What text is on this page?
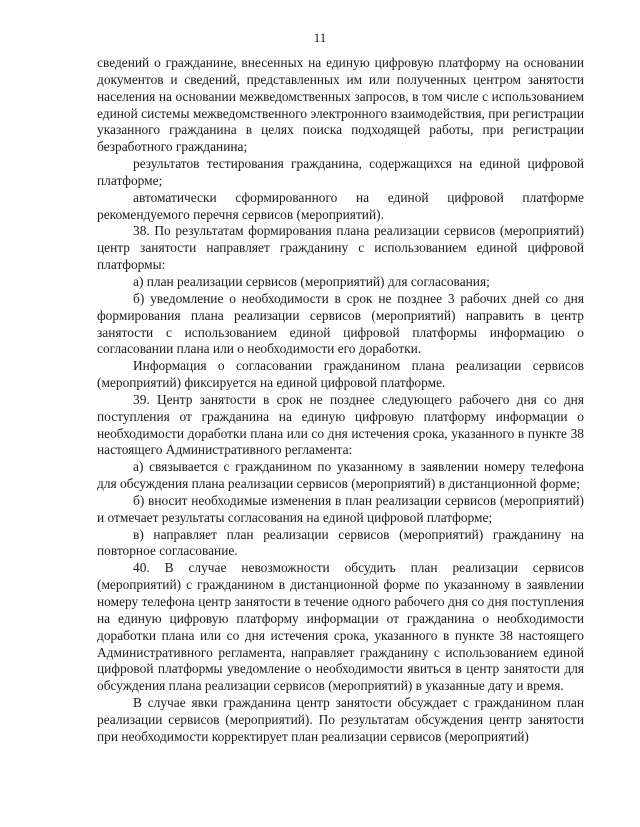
11

сведений о гражданине, внесенных на единую цифровую платформу на основании документов и сведений, представленных им или полученных центром занятости населения на основании межведомственных запросов, в том числе с использованием единой системы межведомственного электронного взаимодействия, при регистрации указанного гражданина в целях поиска подходящей работы, при регистрации безработного гражданина;

результатов тестирования гражданина, содержащихся на единой цифровой платформе;

автоматически сформированного на единой цифровой платформе рекомендуемого перечня сервисов (мероприятий).

38. По результатам формирования плана реализации сервисов (мероприятий) центр занятости направляет гражданину с использованием единой цифровой платформы:

а) план реализации сервисов (мероприятий) для согласования;

б) уведомление о необходимости в срок не позднее 3 рабочих дней со дня формирования плана реализации сервисов (мероприятий) направить в центр занятости с использованием единой цифровой платформы информацию о согласовании плана или о необходимости его доработки.

Информация о согласовании гражданином плана реализации сервисов (мероприятий) фиксируется на единой цифровой платформе.

39. Центр занятости в срок не позднее следующего рабочего дня со дня поступления от гражданина на единую цифровую платформу информации о необходимости доработки плана или со дня истечения срока, указанного в пункте 38 настоящего Административного регламента:

а) связывается с гражданином по указанному в заявлении номеру телефона для обсуждения плана реализации сервисов (мероприятий) в дистанционной форме;

б) вносит необходимые изменения в план реализации сервисов (мероприятий) и отмечает результаты согласования на единой цифровой платформе;

в) направляет план реализации сервисов (мероприятий) гражданину на повторное согласование.

40. В случае невозможности обсудить план реализации сервисов (мероприятий) с гражданином в дистанционной форме по указанному в заявлении номеру телефона центр занятости в течение одного рабочего дня со дня поступления на единую цифровую платформу информации от гражданина о необходимости доработки плана или со дня истечения срока, указанного в пункте 38 настоящего Административного регламента, направляет гражданину с использованием единой цифровой платформы уведомление о необходимости явиться в центр занятости для обсуждения плана реализации сервисов (мероприятий) в указанные дату и время.

В случае явки гражданина центр занятости обсуждает с гражданином план реализации сервисов (мероприятий). По результатам обсуждения центр занятости при необходимости корректирует план реализации сервисов (мероприятий)
